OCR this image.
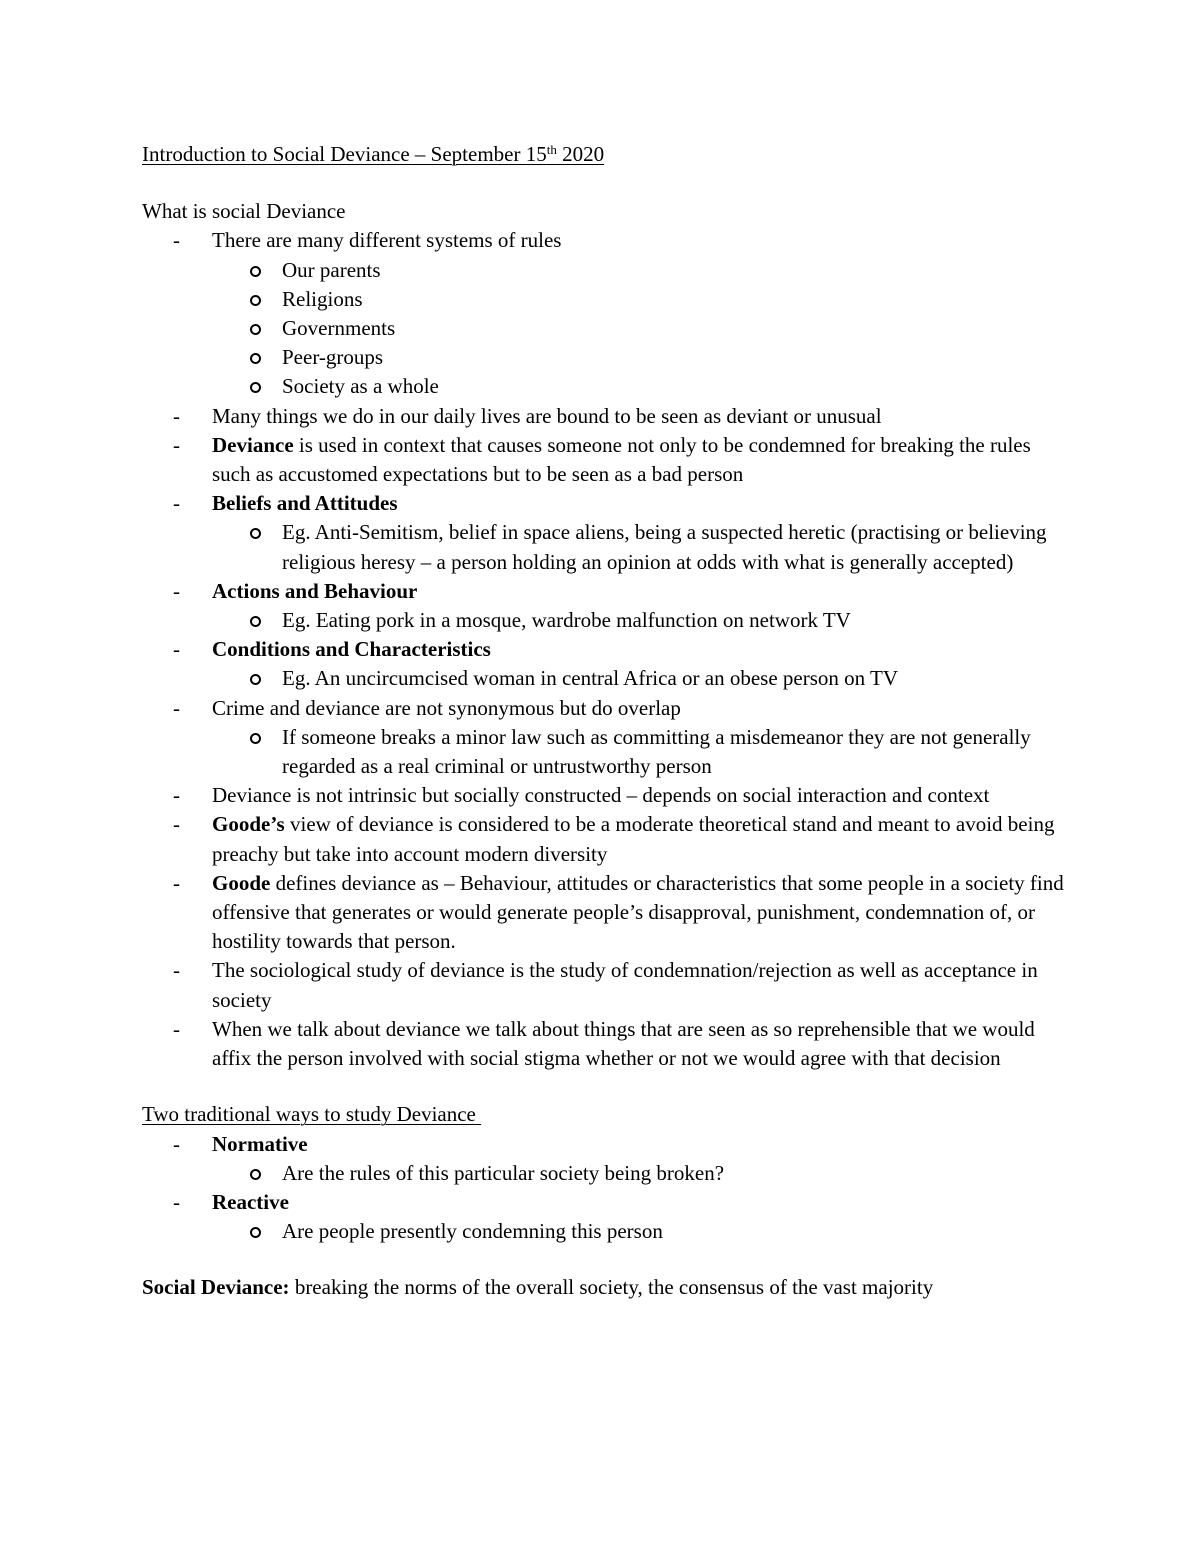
Introduction to Social Deviance – September 15th 2020
What is social Deviance
- There are many different systems of rules
Our parents
Religions
Governments
Peer-groups
Society as a whole
- Many things we do in our daily lives are bound to be seen as deviant or unusual
- Deviance is used in context that causes someone not only to be condemned for breaking the rules such as accustomed expectations but to be seen as a bad person
- Beliefs and Attitudes
Eg. Anti-Semitism, belief in space aliens, being a suspected heretic (practising or believing religious heresy – a person holding an opinion at odds with what is generally accepted)
- Actions and Behaviour
Eg. Eating pork in a mosque, wardrobe malfunction on network TV
- Conditions and Characteristics
Eg. An uncircumcised woman in central Africa or an obese person on TV
- Crime and deviance are not synonymous but do overlap
If someone breaks a minor law such as committing a misdemeanor they are not generally regarded as a real criminal or untrustworthy person
- Deviance is not intrinsic but socially constructed – depends on social interaction and context
- Goode’s view of deviance is considered to be a moderate theoretical stand and meant to avoid being preachy but take into account modern diversity
- Goode defines deviance as – Behaviour, attitudes or characteristics that some people in a society find offensive that generates or would generate people’s disapproval, punishment, condemnation of, or hostility towards that person.
- The sociological study of deviance is the study of condemnation/rejection as well as acceptance in society
- When we talk about deviance we talk about things that are seen as so reprehensible that we would affix the person involved with social stigma whether or not we would agree with that decision
Two traditional ways to study Deviance
- Normative
Are the rules of this particular society being broken?
- Reactive
Are people presently condemning this person
Social Deviance: breaking the norms of the overall society, the consensus of the vast majority
